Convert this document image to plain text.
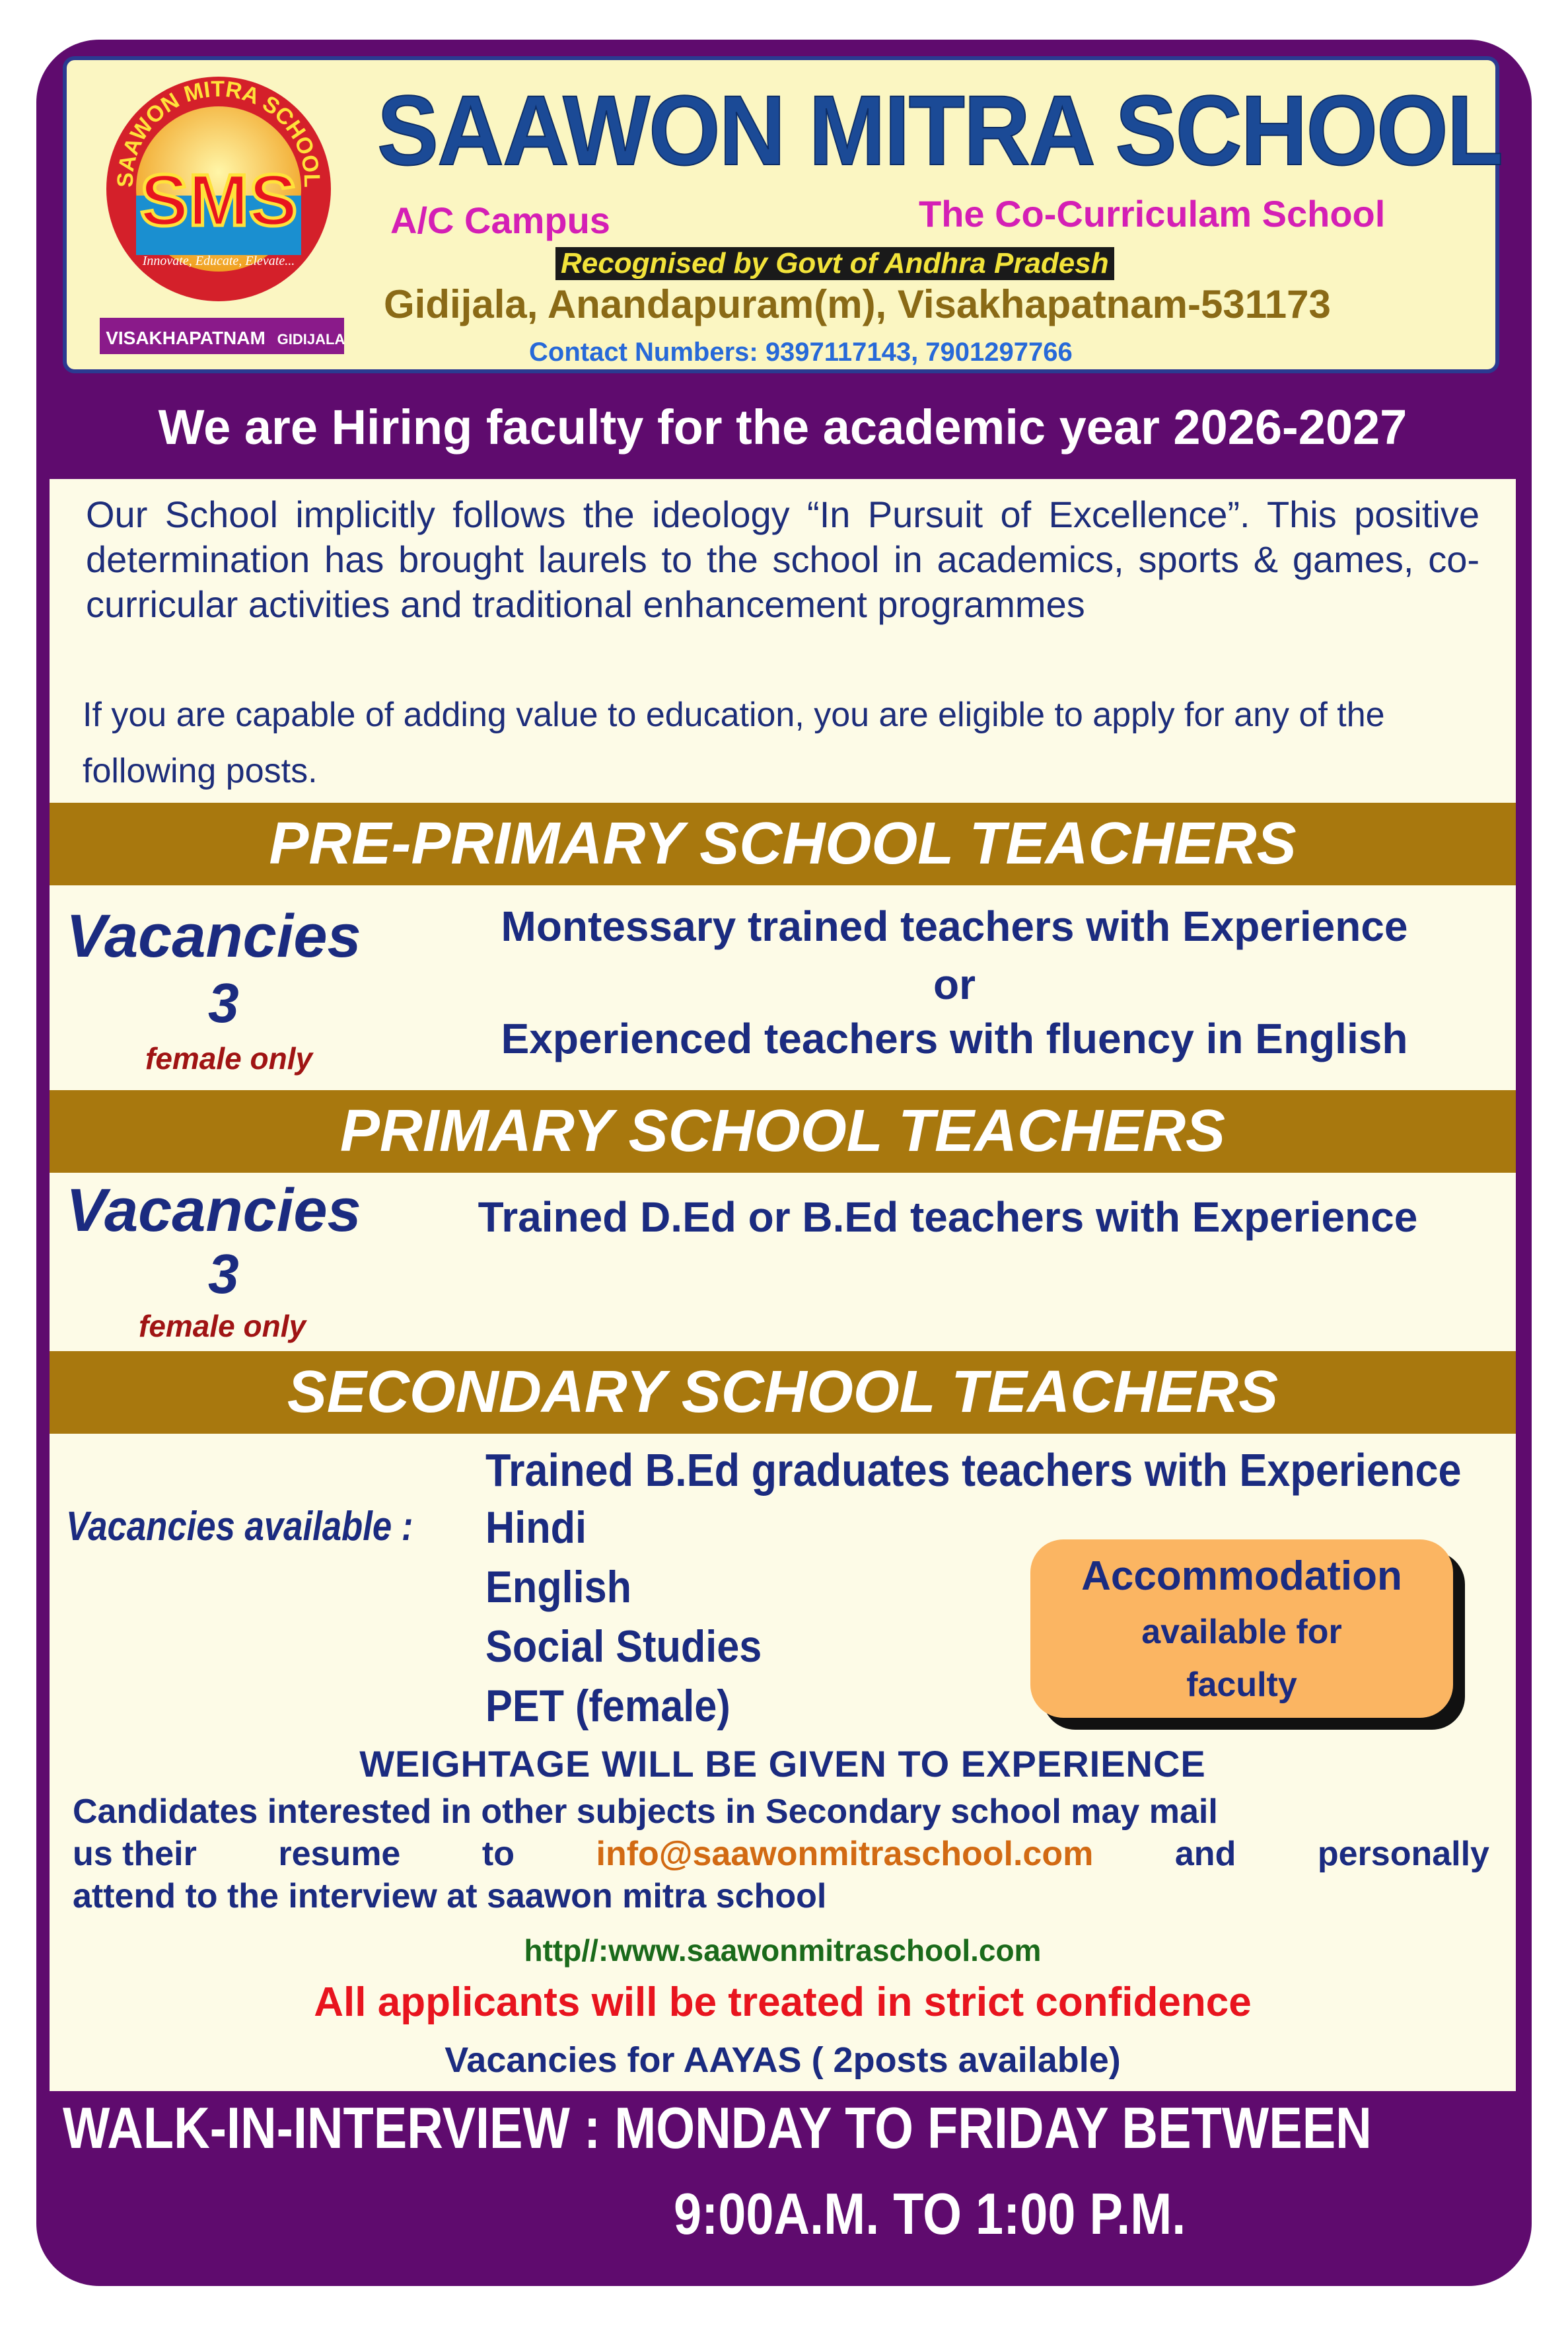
SAAWON MITRA SCHOOL
SMS
Innovate, Educate, Elevate...
VISAKHAPATNAM GIDIJALA
SAAWON MITRA SCHOOL
A/C Campus	The Co-Curriculam School
Recognised by Govt of Andhra Pradesh
Gidijala, Anandapuram(m), Visakhapatnam-531173
Contact Numbers: 9397117143, 7901297766
We are Hiring faculty for the academic year 2026-2027
Our School implicitly follows the ideology “In Pursuit of Excellence”. This positive determination has brought laurels to the school in academics, sports & games, co-curricular activities and traditional enhancement programmes
If you are capable of adding value to education, you are eligible to apply for any of the following posts.
PRE-PRIMARY SCHOOL TEACHERS
Vacancies
3
female only
Montessary trained teachers with Experience
or
Experienced teachers with fluency in English
PRIMARY SCHOOL TEACHERS
Vacancies
3
female only
Trained D.Ed or B.Ed teachers with Experience
SECONDARY SCHOOL TEACHERS
Vacancies available :
Trained B.Ed graduates teachers with Experience
Hindi
English
Social Studies
PET (female)
Accommodation
available for
faculty
WEIGHTAGE WILL BE GIVEN TO EXPERIENCE
Candidates interested in other subjects in Secondary school may mail
us their resume to info@saawonmitraschool.com and personally
attend to the interview at saawon mitra school
http//:www.saawonmitraschool.com
All applicants will be treated in strict confidence
Vacancies for AAYAS ( 2posts available)
WALK-IN-INTERVIEW : MONDAY TO FRIDAY BETWEEN
9:00A.M. TO 1:00 P.M.
